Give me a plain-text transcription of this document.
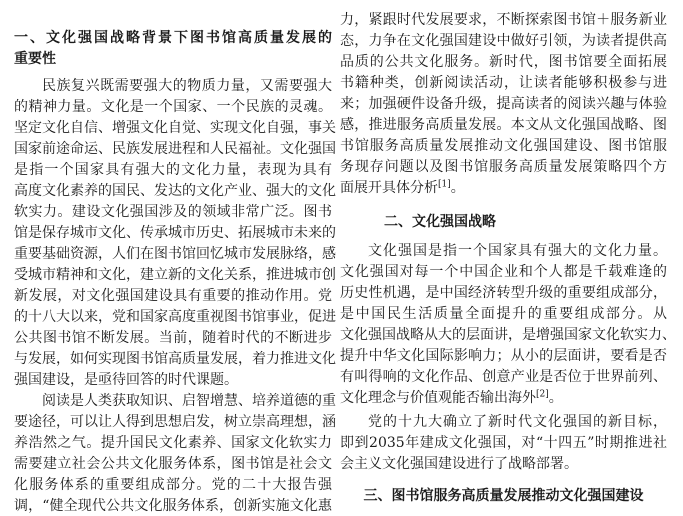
一、文化强国战略背景下图书馆高质量发展的
重要性
民族复兴既需要强大的物质力量，又需要强大
的精神力量。文化是一个国家、一个民族的灵魂。
坚定文化自信、增强文化自觉、实现文化自强，事关
国家前途命运、民族发展进程和人民福祉。文化强国
是指一个国家具有强大的文化力量，表现为具有
高度文化素养的国民、发达的文化产业、强大的文化
软实力。建设文化强国涉及的领域非常广泛。图书
馆是保存城市文化、传承城市历史、拓展城市未来的
重要基础资源，人们在图书馆回忆城市发展脉络，感
受城市精神和文化，建立新的文化关系，推进城市创
新发展，对文化强国建设具有重要的推动作用。党
的十八大以来，党和国家高度重视图书馆事业，促进
公共图书馆不断发展。当前，随着时代的不断进步
与发展，如何实现图书馆高质量发展，着力推进文化
强国建设，是亟待回答的时代课题。
阅读是人类获取知识、启智增慧、培养道德的重
要途径，可以让人得到思想启发，树立崇高理想，涵
养浩然之气。提升国民文化素养、国家文化软实力
需要建立社会公共文化服务体系，图书馆是社会文
化服务体系的重要组成部分。党的二十大报告强
调，“健全现代公共文化服务体系，创新实施文化惠
力，紧跟时代发展要求，不断探索图书馆＋服务新业
态，力争在文化强国建设中做好引领，为读者提供高
品质的公共文化服务。新时代，图书馆要全面拓展
书籍种类，创新阅读活动，让读者能够积极参与进
来；加强硬件设备升级，提高读者的阅读兴趣与体验
感，推进服务高质量发展。本文从文化强国战略、图
书馆服务高质量发展推动文化强国建设、图书馆服
务现存问题以及图书馆服务高质量发展策略四个方
面展开具体分析[1]。
二、文化强国战略
文化强国是指一个国家具有强大的文化力量。
文化强国对每一个中国企业和个人都是千载难逢的
历史性机遇，是中国经济转型升级的重要组成部分，
是中国民生活质量全面提升的重要组成部分。从
文化强国战略从大的层面讲，是增强国家文化软实力、
提升中华文化国际影响力；从小的层面讲，要看是否
有叫得响的文化作品、创意产业是否位于世界前列、
文化理念与价值观能否输出海外[2]。
党的十九大确立了新时代文化强国的新目标，
即到2035年建成文化强国，对“十四五”时期推进社
会主义文化强国建设进行了战略部署。
三、图书馆服务高质量发展推动文化强国建设
